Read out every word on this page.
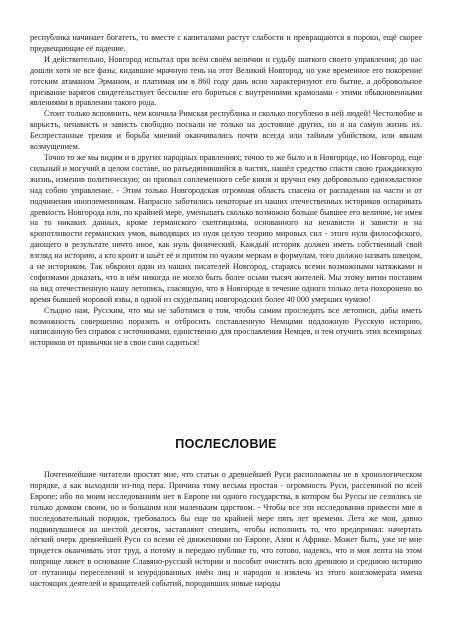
республика начинает богатеть, то вместе с капиталами растут слабости и превращаются в пороки, ещё скорее предвещающие её падение.

И действительно, Новгород испытал при всём своём величии и судьбу шаткого своего управления; до нас дошли хотя не все фазы, кидавшие мрачную тень на этот Великий Новгород, но уже временное его покорение готским атаманом Эрманом, и платимая им в 860 году дань ясно характеризуют его бытие, а добровольное призвание варягов свидетельствует бессилие его бороться с внутренними крамолами - этими обыкновенными явлениями в правлении такого рода.

Стоит только вспомнить, чем кончила Римская республика и сколько погублено в ней людей! Честолюбие и корысть, ненависть и зависть свободно поскали не только на достояние других, но и на самую жизнь их. Беспрестанные трения и борьба мнений оканчивались почти всегда или тайным убийством, или явным возмущением.

Точно то же мы видим и в других народных правлениях; точно то же было и в Новгороде, но Новгород, еще сильный и могучий в целом составе, но разъединившийся в частях, нашёл средство спасти свою гражданскую жизнь, изменив политическую; он призвал соплеменного себе князя и вручил ему добровольно единовластное над собою управление. - Этим только Новгородская огромная область спасена от распадения на части и от подчинения иноплеменникам. Напрасно заботились некоторые из наших отечественных историков оспаривать древность Новгорода или, по крайней мере, уменьшать сколько возможно больше бывшее его величие, не имея на то никаких данных, кроме германского скептицизма, основанного на ненависти и зависти и на кропотливости германских умов, выводящих из нуля целую теорию мировых сил - этого нуля философского, дающего в результате ничто иное, как нуль физический. Каждый историк должен иметь собственный свой взгляд на историю, а кто кроит и шьёт её и притом по чужим меркам и формулам, того должно назвать швецом, а не историком. Так обкроил один из наших писателей Новгород, стараясь всеми возможными натяжками и софизмами доказать, что в нём никогда не могло быть более осьми тысяч жителей. Мы этому вятии поставим на вид отечественную нашу летопись, гласящую, что в Новгороде в течение одного только лета похоронено во время бывшей моровой язвы, в одной из скудельниц новгородских более 40 000 умерших чумою!

Стыдно нам, Русским, что мы не заботимся о том, чтобы самим проследить все летописи, дабы иметь возможность совершенно поразить и отбросить составленную Немцами подложную Русскую историю, написанную без справок с источниками, единственно для прославления Немцев, и тем отучить этих всемирных историков от привычки не в свои сани садиться!

ПОСЛЕСЛОВИЕ

Почтеннейшие читатели простят мне, что статьи о древнейшей Руси расположены не в хронологическом порядке, а как выходили из-под пера. Причина тому весьма простая - огромность Руси, рассеянной по всей Европе; ибо по моим исследованиям нет в Европе ни одного государства, в котором бы Руссы не селились не только домком своим, но и большим или маленьким царством. - Чтобы все эти исследования привести мне в последовательный порядок, требовалось бы еще по крайней мере пять лет времени. Лета же мои, давно подвинувшиеся на шестой десяток, заставляют спешить, чтобы исполнить то, что предпринял: начертать лёгкий очерк древнейшей Руси со всеми её движениями по Европе, Азии и Африке. Может быть, уже не мне придется оканчивать этот труд, а потому и передаю публике то, что готово, надеясь, что и моя лепта на этом поприще ляжет в основание Славяно-русской истории и пособит очистить всю древнюю и среднюю историю от путаницы переселений и изуродованных имён лиц и народов и извлечь из этого конгломерата имена настоящих деятелей и вращателей событий, породивших новые народы
